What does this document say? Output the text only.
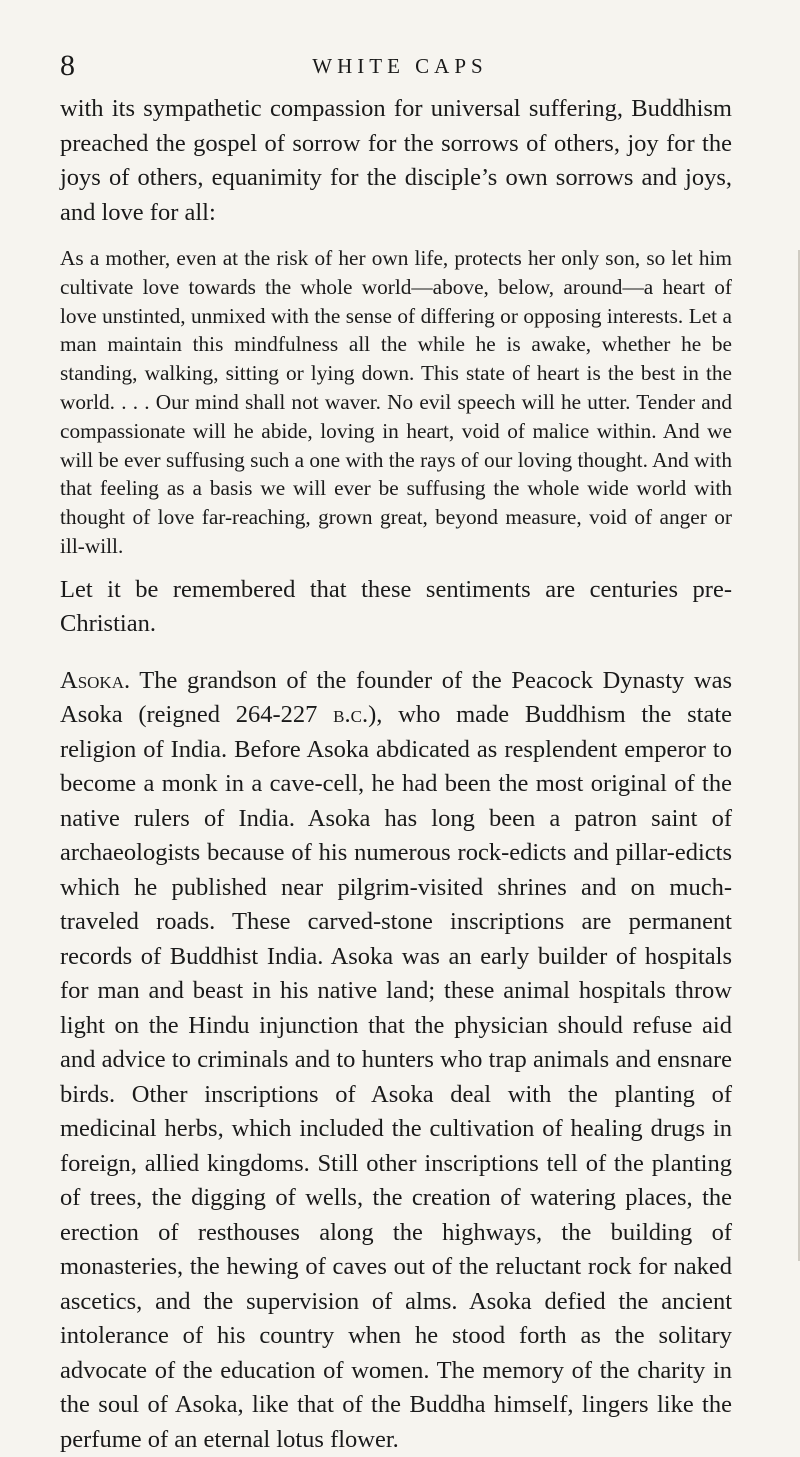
8	WHITE CAPS

with its sympathetic compassion for universal suffering, Buddhism preached the gospel of sorrow for the sorrows of others, joy for the joys of others, equanimity for the disciple’s own sorrows and joys, and love for all:

As a mother, even at the risk of her own life, protects her only son, so let him cultivate love towards the whole world—above, below, around—a heart of love unstinted, unmixed with the sense of differing or opposing interests. Let a man maintain this mindfulness all the while he is awake, whether he be standing, walking, sitting or lying down. This state of heart is the best in the world. . . . Our mind shall not waver. No evil speech will he utter. Tender and compassionate will he abide, loving in heart, void of malice within. And we will be ever suffusing such a one with the rays of our loving thought. And with that feeling as a basis we will ever be suffusing the whole wide world with thought of love far-reaching, grown great, beyond measure, void of anger or ill-will.

Let it be remembered that these sentiments are centuries pre-Christian.

Asoka. The grandson of the founder of the Peacock Dynasty was Asoka (reigned 264-227 b.c.), who made Buddhism the state religion of India. Before Asoka abdicated as resplendent emperor to become a monk in a cave-cell, he had been the most original of the native rulers of India. Asoka has long been a patron saint of archaeologists because of his numerous rock-edicts and pillar-edicts which he published near pilgrim-visited shrines and on much-traveled roads. These carved-stone inscriptions are permanent records of Buddhist India. Asoka was an early builder of hospitals for man and beast in his native land; these animal hospitals throw light on the Hindu injunction that the physician should refuse aid and advice to criminals and to hunters who trap animals and ensnare birds. Other inscriptions of Asoka deal with the planting of medicinal herbs, which included the cultivation of healing drugs in foreign, allied kingdoms. Still other inscriptions tell of the planting of trees, the digging of wells, the creation of watering places, the erection of resthouses along the highways, the building of monasteries, the hewing of caves out of the reluctant rock for naked ascetics, and the supervision of alms. Asoka defied the ancient intolerance of his country when he stood forth as the solitary advocate of the education of women. The memory of the charity in the soul of Asoka, like that of the Buddha himself, lingers like the perfume of an eternal lotus flower.
